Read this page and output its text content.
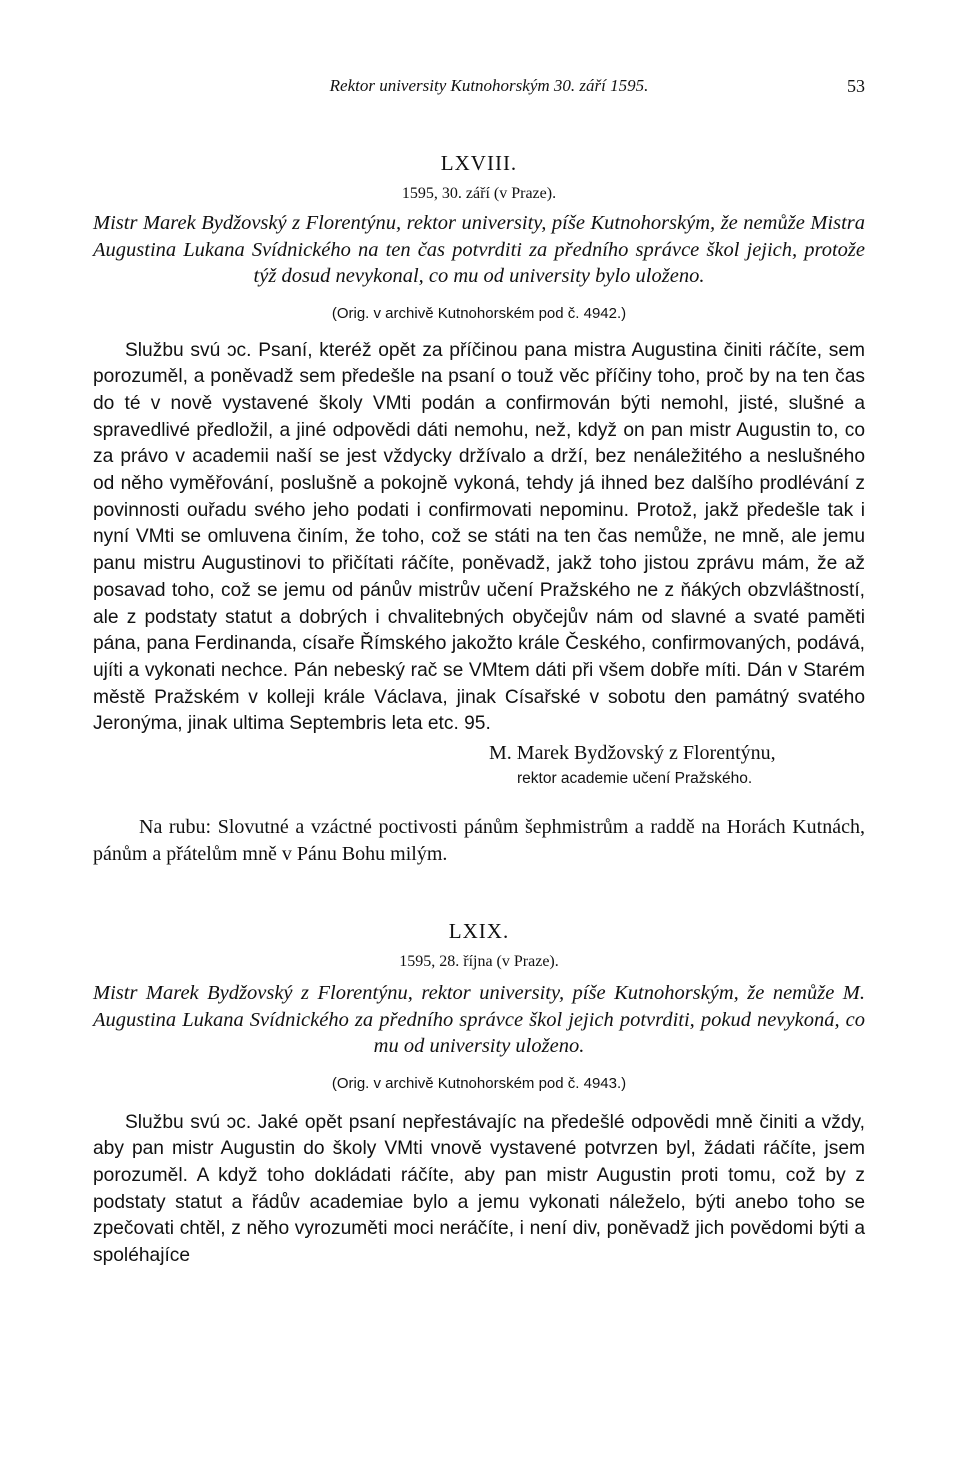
Rektor university Kutnohorským 30. září 1595.	53
LXVIII.
1595, 30. září (v Praze).

Mistr Marek Bydžovský z Florentýnu, rektor university, píše Kutnohorským, že nemůže Mistra Augustina Lukana Svídnického na ten čas potvrditi za předního správce škol jejich, protože týž dosud nevykonal, co mu od university bylo uloženo.

(Orig. v archivě Kutnohorském pod č. 4942.)

Službu svú ↄc. Psaní, kteréž opět za příčinou pana mistra Augustina činiti ráčíte, sem porozuměl, a poněvadž sem předešle na psaní o touž věc příčiny toho, proč by na ten čas do té v nově vystavené školy VMti podán a confirmován býti nemohl, jisté, slušné a spravedlivé předložil, a jiné odpovědi dáti nemohu, než, když on pan mistr Augustin to, co za právo v academii naší se jest vždycky držívalo a drží, bez nenáležitého a neslušného od něho vyměřování, poslušně a pokojně vykoná, tehdy já ihned bez dalšího prodlévání z povinnosti ouřadu svého jeho podati i confirmovati nepominu. Protož, jakž předešle tak i nyní VMti se omluvena činím, že toho, což se státi na ten čas nemůže, ne mně, ale jemu panu mistru Augustinovi to přičítati ráčíte, poněvadž, jakž toho jistou zprávu mám, že až posavad toho, což se jemu od pánův mistrův učení Pražského ne z ňákých obzvláštností, ale z podstaty statut a dobrých i chvalitebných obyčejův nám od slavné a svaté paměti pána, pana Ferdinanda, císaře Římského jakožto krále Českého, confirmovaných, podává, ujíti a vykonati nechce. Pán nebeský rač se VMtem dáti při všem dobře míti. Dán v Starém městě Pražském v kolleji krále Václava, jinak Císařské v sobotu den památný svatého Jeronýma, jinak ultima Septembris leta etc. 95.

M. Marek Bydžovský z Florentýnu,
rektor academie učení Pražského.

Na rubu: Slovutné a vzáctné poctivosti pánům šephmistrům a raddě na Horách Kutnách, pánům a přátelům mně v Pánu Bohu milým.

LXIX.
1595, 28. října (v Praze).

Mistr Marek Bydžovský z Florentýnu, rektor university, píše Kutnohorským, že nemůže M. Augustina Lukana Svídnického za předního správce škol jejich potvrditi, pokud nevykoná, co mu od university uloženo.

(Orig. v archivě Kutnohorském pod č. 4943.)

Službu svú ↄc. Jaké opět psaní nepřestávajíc na předešlé odpovědi mně činiti a vždy, aby pan mistr Augustin do školy VMti vnově vystavené potvrzen byl, žádati ráčíte, jsem porozuměl. A když toho dokládati ráčíte, aby pan mistr Augustin proti tomu, což by z podstaty statut a řádův academiae bylo a jemu vykonati náleželo, býti anebo toho se zpečovati chtěl, z něho vyrozuměti moci neráčíte, i není div, poněvadž jich povědomi býti a spoléhajíce
